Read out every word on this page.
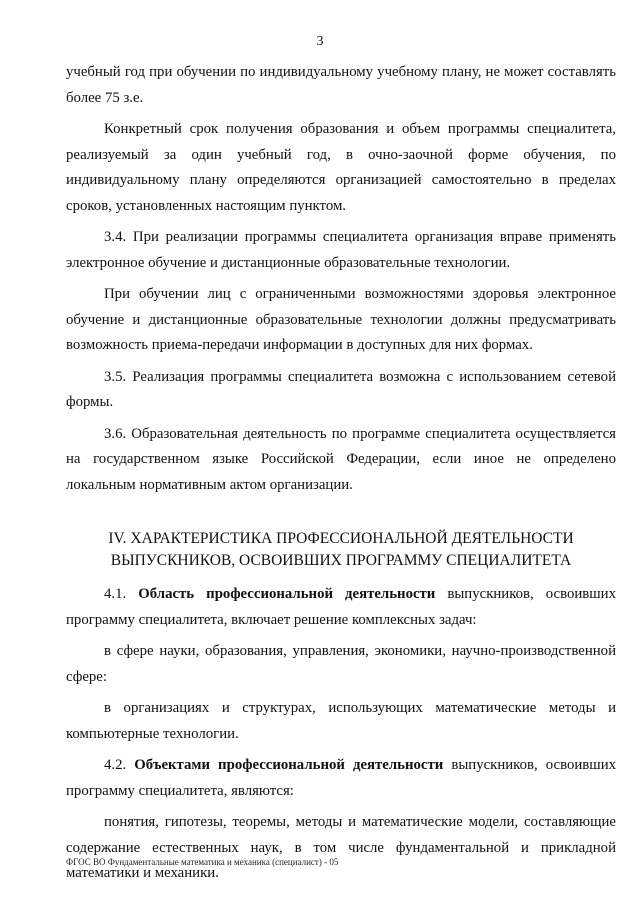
3

учебный год при обучении по индивидуальному учебному плану, не может составлять более 75 з.е.

Конкретный срок получения образования и объем программы специалитета, реализуемый за один учебный год, в очно-заочной форме обучения, по индивидуальному плану определяются организацией самостоятельно в пределах сроков, установленных настоящим пунктом.

3.4. При реализации программы специалитета организация вправе применять электронное обучение и дистанционные образовательные технологии.

При обучении лиц с ограниченными возможностями здоровья электронное обучение и дистанционные образовательные технологии должны предусматривать возможность приема-передачи информации в доступных для них формах.

3.5. Реализация программы специалитета возможна с использованием сетевой формы.

3.6. Образовательная деятельность по программе специалитета осуществляется на государственном языке Российской Федерации, если иное не определено локальным нормативным актом организации.

IV. ХАРАКТЕРИСТИКА ПРОФЕССИОНАЛЬНОЙ ДЕЯТЕЛЬНОСТИ
ВЫПУСКНИКОВ, ОСВОИВШИХ ПРОГРАММУ СПЕЦИАЛИТЕТА

4.1. Область профессиональной деятельности выпускников, освоивших программу специалитета, включает решение комплексных задач:

в сфере науки, образования, управления, экономики, научно-производственной сфере:

в организациях и структурах, использующих математические методы и компьютерные технологии.

4.2. Объектами профессиональной деятельности выпускников, освоивших программу специалитета, являются:

понятия, гипотезы, теоремы, методы и математические модели, составляющие содержание естественных наук, в том числе фундаментальной и прикладной математики и механики.

ФГОС ВО Фундаментальные математика и механика (специалист) - 05
